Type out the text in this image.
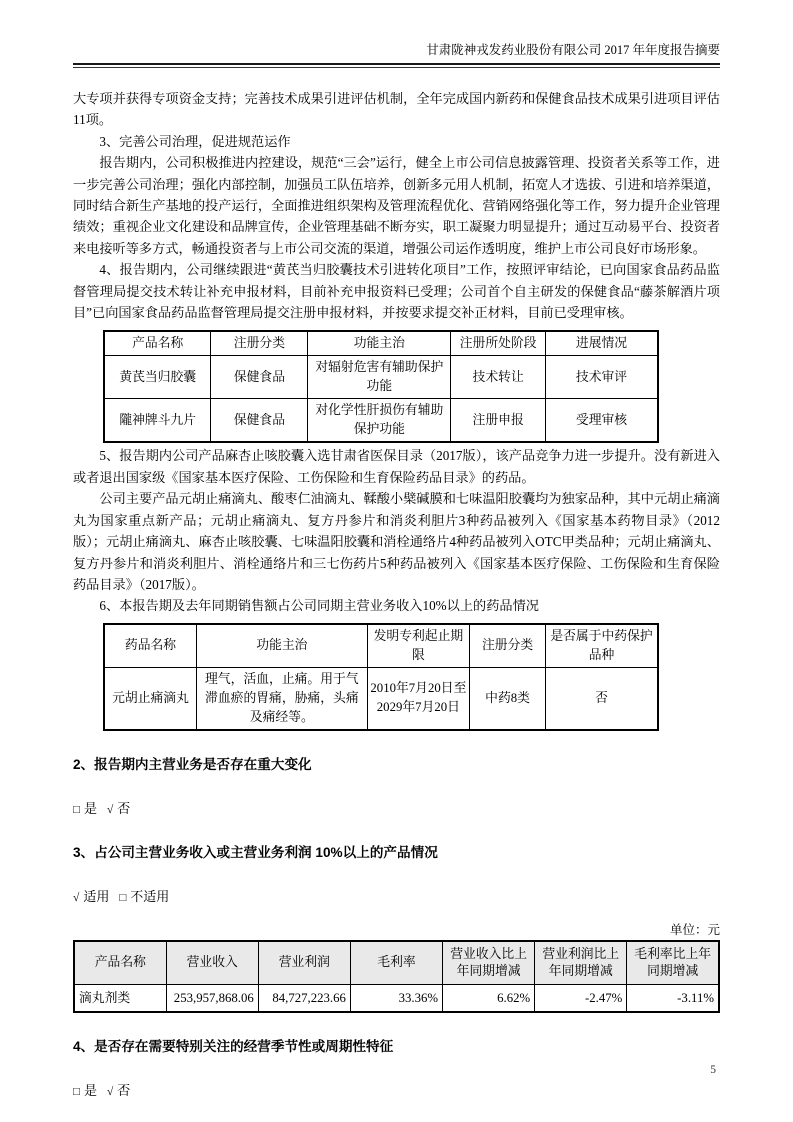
甘肃陇神戎发药业股份有限公司 2017 年年度报告摘要

大专项并获得专项资金支持；完善技术成果引进评估机制，全年完成国内新药和保健食品技术成果引进项目评估11项。

3、完善公司治理，促进规范运作

报告期内，公司积极推进内控建设，规范“三会”运行，健全上市公司信息披露管理、投资者关系等工作，进一步完善公司治理；强化内部控制，加强员工队伍培养，创新多元用人机制，拓宽人才选拔、引进和培养渠道，同时结合新生产基地的投产运行，全面推进组织架构及管理流程优化、营销网络强化等工作，努力提升企业管理绩效；重视企业文化建设和品牌宣传，企业管理基础不断夯实，职工凝聚力明显提升；通过互动易平台、投资者来电接听等多方式，畅通投资者与上市公司交流的渠道，增强公司运作透明度，维护上市公司良好市场形象。

4、报告期内，公司继续跟进“黄芪当归胶囊技术引进转化项目”工作，按照评审结论，已向国家食品药品监督管理局提交技术转让补充申报材料，目前补充申报资料已受理；公司首个自主研发的保健食品“藤茶解酒片项目”已向国家食品药品监督管理局提交注册申报材料，并按要求提交补正材料，目前已受理审核。

产品名称	注册分类	功能主治	注册所处阶段	进展情况
黄芪当归胶囊	保健食品	对辐射危害有辅助保护功能	技术转让	技术审评
隴神牌斗九片	保健食品	对化学性肝损伤有辅助保护功能	注册申报	受理审核

5、报告期内公司产品麻杏止咳胶囊入选甘肃省医保目录（2017版），该产品竞争力进一步提升。没有新进入或者退出国家级《国家基本医疗保险、工伤保险和生育保险药品目录》的药品。

公司主要产品元胡止痛滴丸、酸枣仁油滴丸、鞣酸小檗碱膜和七味温阳胶囊均为独家品种，其中元胡止痛滴丸为国家重点新产品；元胡止痛滴丸、复方丹参片和消炎利胆片3种药品被列入《国家基本药物目录》（2012版）；元胡止痛滴丸、麻杏止咳胶囊、七味温阳胶囊和消栓通络片4种药品被列入OTC甲类品种；元胡止痛滴丸、复方丹参片和消炎利胆片、消栓通络片和三七伤药片5种药品被列入《国家基本医疗保险、工伤保险和生育保险药品目录》（2017版）。

6、本报告期及去年同期销售额占公司同期主营业务收入10%以上的药品情况

药品名称	功能主治	发明专利起止期限	注册分类	是否属于中药保护品种
元胡止痛滴丸	理气，活血，止痛。用于气滞血瘀的胃痛，胁痛，头痛及痛经等。	2010年7月20日至2029年7月20日	中药8类	否
2、报告期内主营业务是否存在重大变化

□ 是 √ 否

3、占公司主营业务收入或主营业务利润 10%以上的产品情况

√ 适用 □ 不适用

单位：元
产品名称	营业收入	营业利润	毛利率	营业收入比上年同期增减	营业利润比上年同期增减	毛利率比上年同期增减
滴丸剂类	253,957,868.06	84,727,223.66	33.36%	6.62%	-2.47%	-3.11%
4、是否存在需要特别关注的经营季节性或周期性特征

□ 是 √ 否

5
